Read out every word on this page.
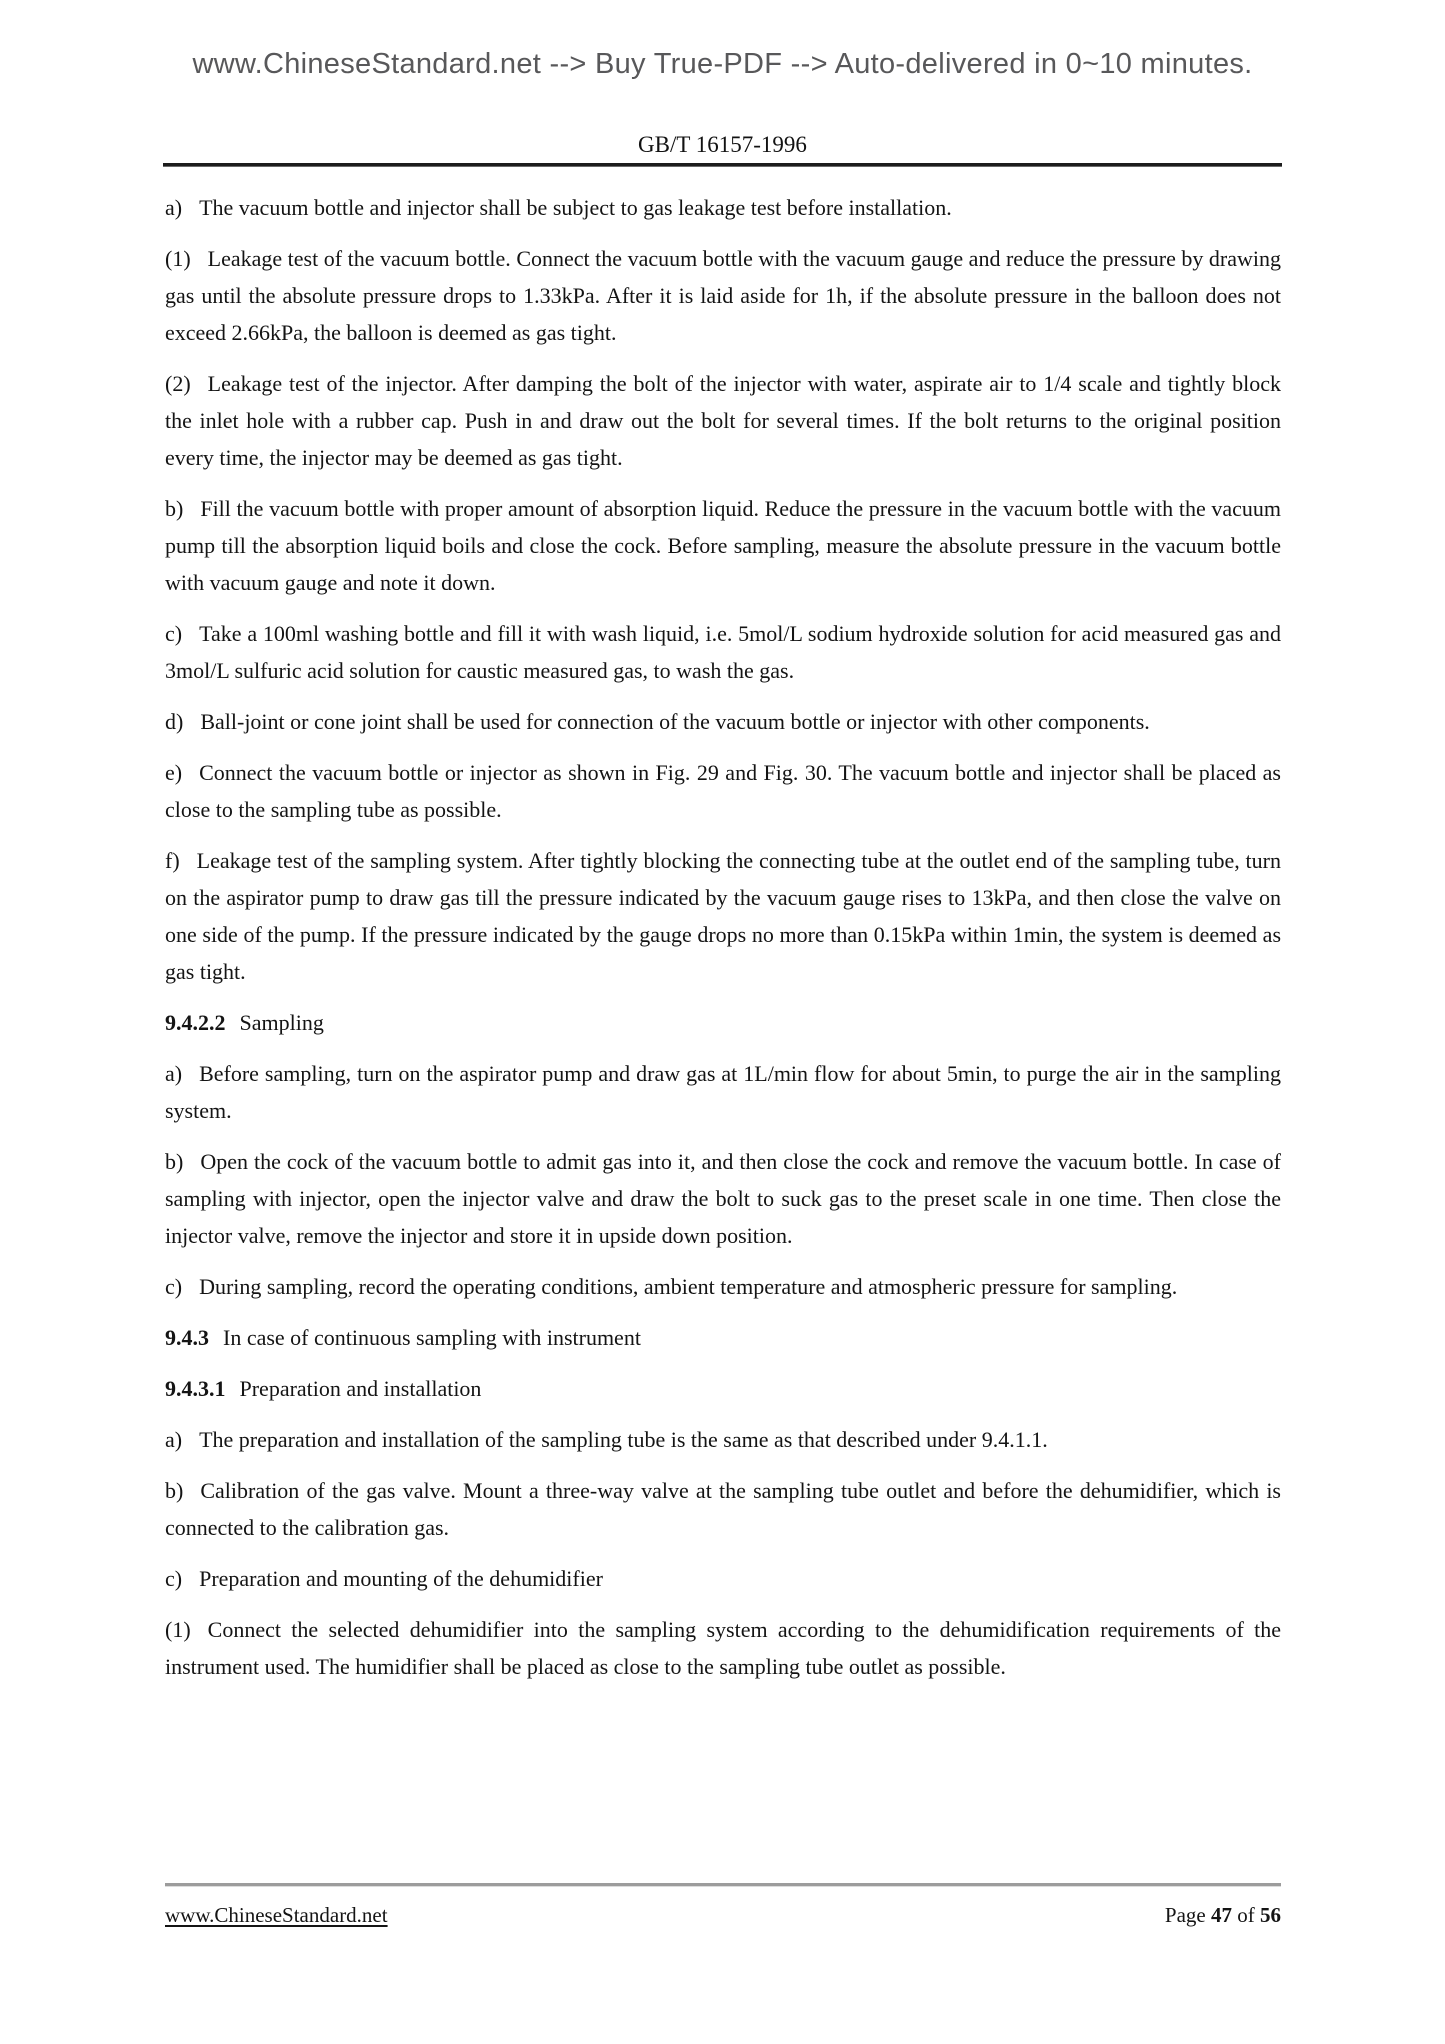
www.ChineseStandard.net --> Buy True-PDF --> Auto-delivered in 0~10 minutes.
GB/T 16157-1996

a) The vacuum bottle and injector shall be subject to gas leakage test before installation.

(1) Leakage test of the vacuum bottle. Connect the vacuum bottle with the vacuum gauge and reduce the pressure by drawing gas until the absolute pressure drops to 1.33kPa. After it is laid aside for 1h, if the absolute pressure in the balloon does not exceed 2.66kPa, the balloon is deemed as gas tight.

(2) Leakage test of the injector. After damping the bolt of the injector with water, aspirate air to 1/4 scale and tightly block the inlet hole with a rubber cap. Push in and draw out the bolt for several times. If the bolt returns to the original position every time, the injector may be deemed as gas tight.

b) Fill the vacuum bottle with proper amount of absorption liquid. Reduce the pressure in the vacuum bottle with the vacuum pump till the absorption liquid boils and close the cock. Before sampling, measure the absolute pressure in the vacuum bottle with vacuum gauge and note it down.

c) Take a 100ml washing bottle and fill it with wash liquid, i.e. 5mol/L sodium hydroxide solution for acid measured gas and 3mol/L sulfuric acid solution for caustic measured gas, to wash the gas.

d) Ball-joint or cone joint shall be used for connection of the vacuum bottle or injector with other components.

e) Connect the vacuum bottle or injector as shown in Fig. 29 and Fig. 30. The vacuum bottle and injector shall be placed as close to the sampling tube as possible.

f) Leakage test of the sampling system. After tightly blocking the connecting tube at the outlet end of the sampling tube, turn on the aspirator pump to draw gas till the pressure indicated by the vacuum gauge rises to 13kPa, and then close the valve on one side of the pump. If the pressure indicated by the gauge drops no more than 0.15kPa within 1min, the system is deemed as gas tight.

9.4.2.2 Sampling

a) Before sampling, turn on the aspirator pump and draw gas at 1L/min flow for about 5min, to purge the air in the sampling system.

b) Open the cock of the vacuum bottle to admit gas into it, and then close the cock and remove the vacuum bottle. In case of sampling with injector, open the injector valve and draw the bolt to suck gas to the preset scale in one time. Then close the injector valve, remove the injector and store it in upside down position.

c) During sampling, record the operating conditions, ambient temperature and atmospheric pressure for sampling.

9.4.3 In case of continuous sampling with instrument

9.4.3.1 Preparation and installation

a) The preparation and installation of the sampling tube is the same as that described under 9.4.1.1.

b) Calibration of the gas valve. Mount a three-way valve at the sampling tube outlet and before the dehumidifier, which is connected to the calibration gas.

c) Preparation and mounting of the dehumidifier

(1) Connect the selected dehumidifier into the sampling system according to the dehumidification requirements of the instrument used. The humidifier shall be placed as close to the sampling tube outlet as possible.

www.ChineseStandard.net	Page 47 of 56
